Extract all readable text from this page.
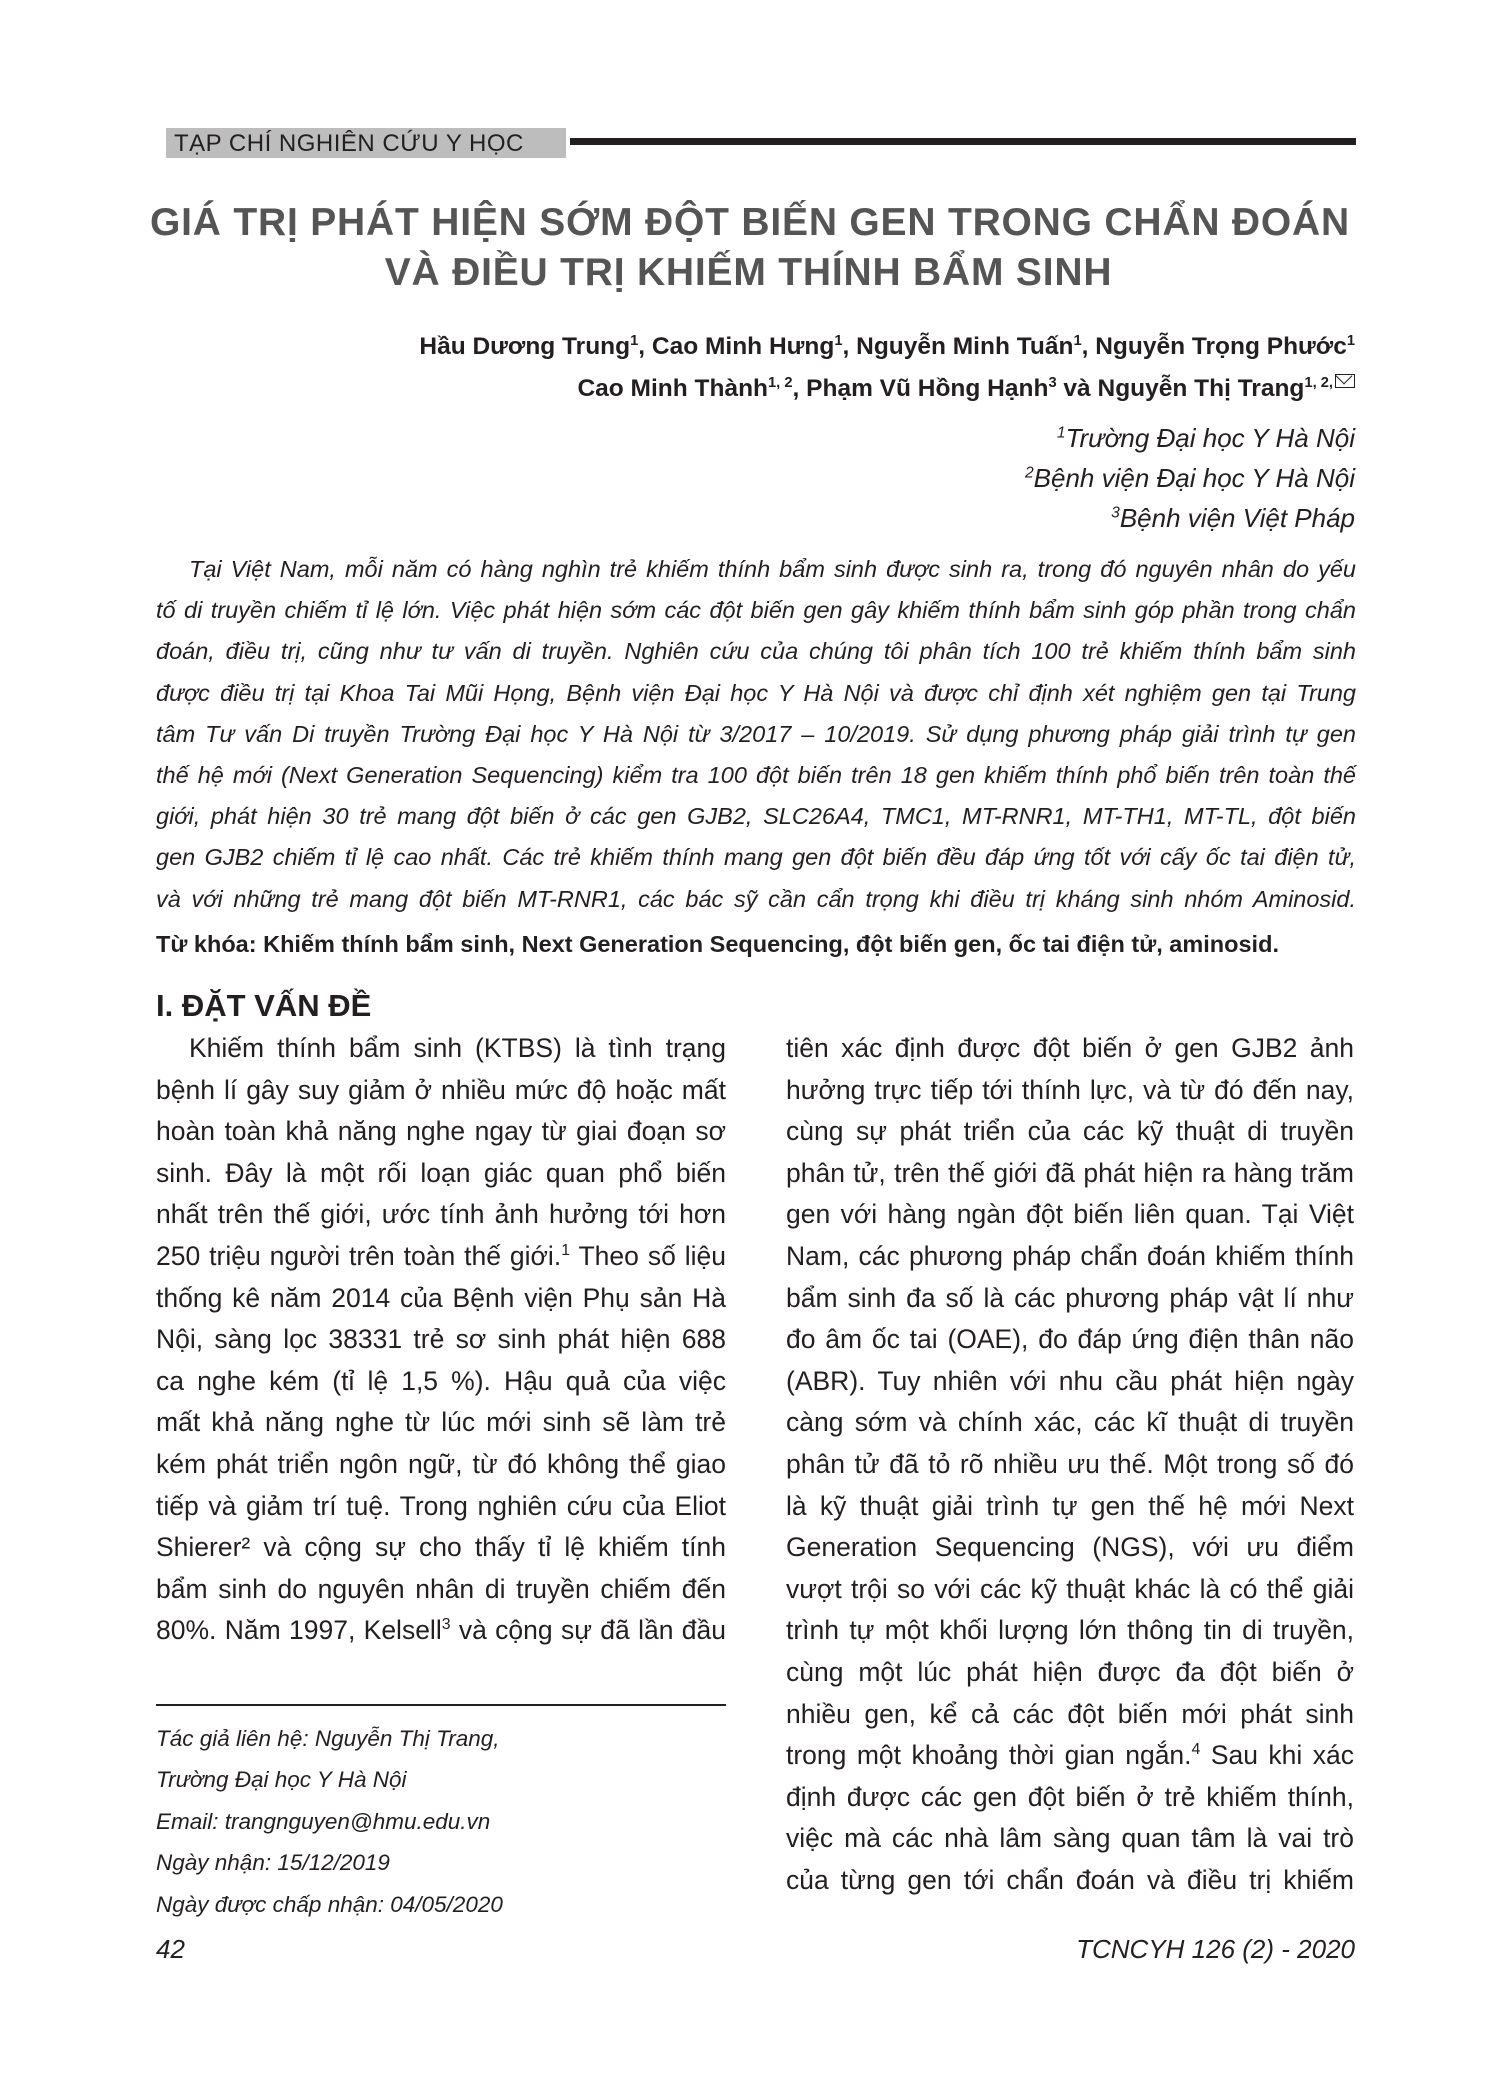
TẠP CHÍ NGHIÊN CỨU Y HỌC
GIÁ TRỊ PHÁT HIỆN SỚM ĐỘT BIẾN GEN TRONG CHẨN ĐOÁN
VÀ ĐIỀU TRỊ KHIẾM THÍNH BẨM SINH
Hầu Dương Trung$^1$, Cao Minh Hưng$^1$, Nguyễn Minh Tuấn$^1$, Nguyễn Trọng Phước$^1$
Cao Minh Thành$^{1, 2}$, Phạm Vũ Hồng Hạnh$^3$ và Nguyễn Thị Trang$^{1, 2,}$
$^1$Trường Đại học Y Hà Nội
$^2$Bệnh viện Đại học Y Hà Nội
$^3$Bệnh viện Việt Pháp
Tại Việt Nam, mỗi năm có hàng nghìn trẻ khiếm thính bẩm sinh được sinh ra, trong đó nguyên nhân do yếu
tố di truyền chiếm tỉ lệ lớn. Việc phát hiện sớm các đột biến gen gây khiếm thính bẩm sinh góp phần trong chẩn
đoán, điều trị, cũng như tư vấn di truyền. Nghiên cứu của chúng tôi phân tích 100 trẻ khiếm thính bẩm sinh
được điều trị tại Khoa Tai Mũi Họng, Bệnh viện Đại học Y Hà Nội và được chỉ định xét nghiệm gen tại Trung
tâm Tư vấn Di truyền Trường Đại học Y Hà Nội từ 3/2017 – 10/2019. Sử dụng phương pháp giải trình tự gen
thế hệ mới (Next Generation Sequencing) kiểm tra 100 đột biến trên 18 gen khiếm thính phổ biến trên toàn thế
giới, phát hiện 30 trẻ mang đột biến ở các gen GJB2, SLC26A4, TMC1, MT-RNR1, MT-TH1, MT-TL, đột biến
gen GJB2 chiếm tỉ lệ cao nhất. Các trẻ khiếm thính mang gen đột biến đều đáp ứng tốt với cấy ốc tai điện tử,
và với những trẻ mang đột biến MT-RNR1, các bác sỹ cần cẩn trọng khi điều trị kháng sinh nhóm Aminosid.
Từ khóa: Khiếm thính bẩm sinh, Next Generation Sequencing, đột biến gen, ốc tai điện tử, aminosid.
I. ĐẶT VẤN ĐỀ
Khiếm thính bẩm sinh (KTBS) là tình trạng
bệnh lí gây suy giảm ở nhiều mức độ hoặc mất
hoàn toàn khả năng nghe ngay từ giai đoạn sơ
sinh. Đây là một rối loạn giác quan phổ biến
nhất trên thế giới, ước tính ảnh hưởng tới hơn
250 triệu người trên toàn thế giới.$^1$ Theo số liệu
thống kê năm 2014 của Bệnh viện Phụ sản Hà
Nội, sàng lọc 38331 trẻ sơ sinh phát hiện 688
ca nghe kém (tỉ lệ 1,5 %). Hậu quả của việc
mất khả năng nghe từ lúc mới sinh sẽ làm trẻ
kém phát triển ngôn ngữ, từ đó không thể giao
tiếp và giảm trí tuệ. Trong nghiên cứu của Eliot
Shierer² và cộng sự cho thấy tỉ lệ khiếm tính
bẩm sinh do nguyên nhân di truyền chiếm đến
80%. Năm 1997, Kelsell$^3$ và cộng sự đã lần đầu
tiên xác định được đột biến ở gen GJB2 ảnh
hưởng trực tiếp tới thính lực, và từ đó đến nay,
cùng sự phát triển của các kỹ thuật di truyền
phân tử, trên thế giới đã phát hiện ra hàng trăm
gen với hàng ngàn đột biến liên quan. Tại Việt
Nam, các phương pháp chẩn đoán khiếm thính
bẩm sinh đa số là các phương pháp vật lí như
đo âm ốc tai (OAE), đo đáp ứng điện thân não
(ABR). Tuy nhiên với nhu cầu phát hiện ngày
càng sớm và chính xác, các kĩ thuật di truyền
phân tử đã tỏ rõ nhiều ưu thế. Một trong số đó
là kỹ thuật giải trình tự gen thế hệ mới Next
Generation Sequencing (NGS), với ưu điểm
vượt trội so với các kỹ thuật khác là có thể giải
trình tự một khối lượng lớn thông tin di truyền,
cùng một lúc phát hiện được đa đột biến ở
nhiều gen, kể cả các đột biến mới phát sinh
trong một khoảng thời gian ngắn.$^4$ Sau khi xác
định được các gen đột biến ở trẻ khiếm thính,
việc mà các nhà lâm sàng quan tâm là vai trò
của từng gen tới chẩn đoán và điều trị khiếm
Tác giả liên hệ: Nguyễn Thị Trang,
Trường Đại học Y Hà Nội
Email: trangnguyen@hmu.edu.vn
Ngày nhận: 15/12/2019
Ngày được chấp nhận: 04/05/2020
42	TCNCYH 126 (2) - 2020
